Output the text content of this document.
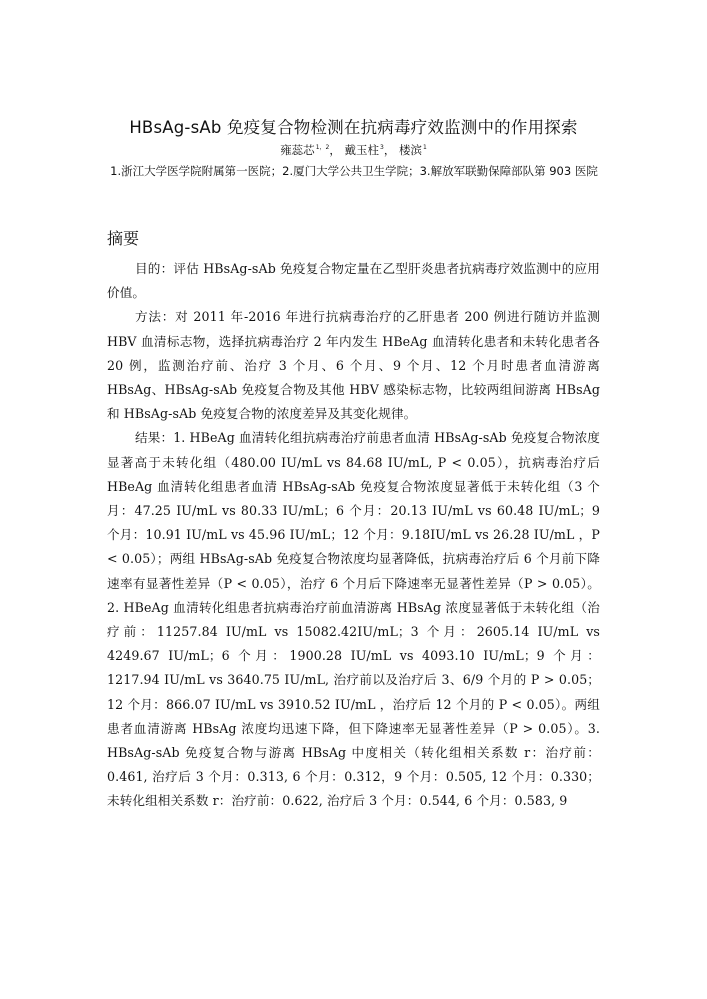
HBsAg-sAb 免疫复合物检测在抗病毒疗效监测中的作用探索
雍蕊芯$^{1,2}$， 戴玉柱$^3$， 楼滨$^1$
1.浙江大学医学院附属第一医院；2.厦门大学公共卫生学院；3.解放军联勤保障部队第 903 医院
摘要

目的：评估 HBsAg-sAb 免疫复合物定量在乙型肝炎患者抗病毒疗效监测中的应用价值。

方法：对 2011 年-2016 年进行抗病毒治疗的乙肝患者 200 例进行随访并监测 HBV 血清标志物，选择抗病毒治疗 2 年内发生 HBeAg 血清转化患者和未转化患者各 20 例，监测治疗前、治疗 3 个月、6 个月、9 个月、12 个月时患者血清游离 HBsAg、HBsAg-sAb 免疫复合物及其他 HBV 感染标志物，比较两组间游离 HBsAg 和 HBsAg-sAb 免疫复合物的浓度差异及其变化规律。

结果：1. HBeAg 血清转化组抗病毒治疗前患者血清 HBsAg-sAb 免疫复合物浓度显著高于未转化组（480.00 IU/mL vs 84.68 IU/mL, P < 0.05），抗病毒治疗后 HBeAg 血清转化组患者血清 HBsAg-sAb 免疫复合物浓度显著低于未转化组（3 个月：47.25 IU/mL vs 80.33 IU/mL；6 个月：20.13 IU/mL vs 60.48 IU/mL；9 个月：10.91 IU/mL vs 45.96 IU/mL；12 个月：9.18IU/mL vs 26.28 IU/mL ，P < 0.05）；两组 HBsAg-sAb 免疫复合物浓度均显著降低，抗病毒治疗后 6 个月前下降速率有显著性差异（P < 0.05），治疗 6 个月后下降速率无显著性差异（P > 0.05）。2. HBeAg 血清转化组患者抗病毒治疗前血清游离 HBsAg 浓度显著低于未转化组（治疗前：11257.84 IU/mL vs 15082.42IU/mL；3 个月：2605.14 IU/mL vs 4249.67 IU/mL；6 个月：1900.28 IU/mL vs 4093.10 IU/mL；9 个月：1217.94 IU/mL vs 3640.75 IU/mL, 治疗前以及治疗后 3、6/9 个月的 P > 0.05；12 个月：866.07 IU/mL vs 3910.52 IU/mL ，治疗后 12 个月的 P < 0.05）。两组患者血清游离 HBsAg 浓度均迅速下降，但下降速率无显著性差异（P > 0.05）。3. HBsAg-sAb 免疫复合物与游离 HBsAg 中度相关（转化组相关系数 r：治疗前：0.461, 治疗后 3 个月：0.313, 6 个月：0.312，9 个月：0.505, 12 个月：0.330；未转化组相关系数 r：治疗前：0.622, 治疗后 3 个月：0.544, 6 个月：0.583, 9
